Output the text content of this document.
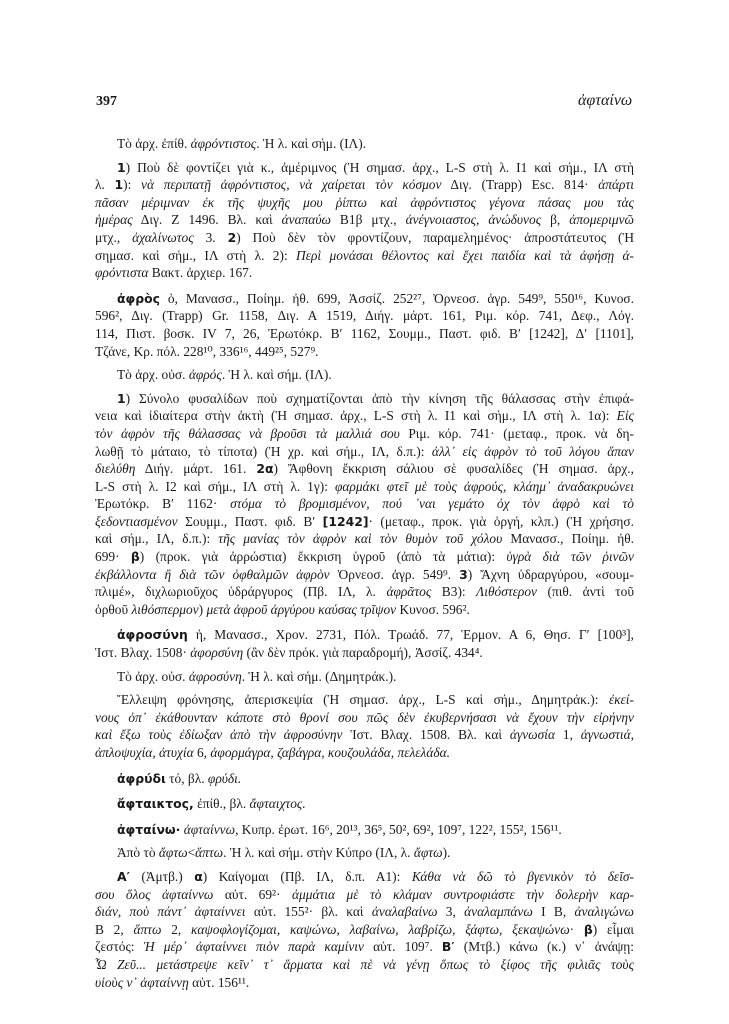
397	ἀφταίνω
Τὸ ἀρχ. ἐπίθ. ἀφρόντιστος. Ἡ λ. καὶ σήμ. (ΙΛ).
1) Ποὺ δὲ φοντίζει γιὰ κ., ἀμέριμνος (Ἡ σημασ. ἀρχ., L-S στὴ λ. Ι1 καὶ σήμ., ΙΛ στὴ
λ. 1): νὰ περιπατῇ ἀφρόντιστος, νὰ χαίρεται τὸν κόσμον Διγ. (Trapp) Esc. 814· ἀπάρτι
πᾶσαν μέριμναν ἐκ τῆς ψυχῆς μου ῥίπτω καὶ ἀφρόντιστος γέγονα πάσας μου τὰς
ἡμέρας Διγ. Ζ 1496. Βλ. καὶ ἀναπαύω Β1β μτχ., ἀνέγνοιαστος, ἀνώδυνος β, ἀπομεριμνῶ
μτχ., ἀχαλίνωτος 3. 2) Ποὺ δὲν τὸν φροντίζουν, παραμελημένος· ἀπροστάτευτος (Ἡ
σημασ. καὶ σήμ., ΙΛ στὴ λ. 2): Περὶ μονάσαι θέλοντος καὶ ἔχει παιδία καὶ τὰ ἀφήσῃ ἀ-
φρόντιστα Βακτ. ἀρχιερ. 167.
ἀφρὸς ὁ, Μανασσ., Ποίημ. ἠθ. 699, Ἀσσίζ. 252²⁷, Ὀρνεοσ. ἀγρ. 549⁹, 550¹⁶, Κυνοσ.
596², Διγ. (Trapp) Gr. 1158, Διγ. Α 1519, Διήγ. μάρτ. 161, Ριμ. κόρ. 741, Δεφ., Λόγ.
114, Πιστ. βοσκ. IV 7, 26, Ἐρωτόκρ. Β′ 1162, Σουμμ., Παστ. φιδ. Β′ [1242], Δ′ [1101],
Τζάνε, Κρ. πόλ. 228¹⁰, 336¹⁶, 449²⁵, 527⁹.
Τὸ ἀρχ. οὐσ. ἀφρός. Ἡ λ. καὶ σήμ. (ΙΛ).
1) Σύνολο φυσαλίδων ποὺ σχηματίζονται ἀπὸ τὴν κίνηση τῆς θάλασσας στὴν ἐπιφά-
νεια καὶ ἰδιαίτερα στὴν ἀκτὴ (Ἡ σημασ. ἀρχ., L-S στὴ λ. Ι1 καὶ σήμ., ΙΛ στὴ λ. 1α): Εἰς
τὸν ἀφρὸν τῆς θάλασσας νὰ βροῦσι τὰ μαλλιά σου Ριμ. κόρ. 741· (μεταφ., προκ. νὰ δη-
λωθῇ τὸ μάταιο, τὸ τίποτα) (Ἡ χρ. καὶ σήμ., ΙΛ, δ.π.): ἀλλ᾽ εἰς ἀφρὸν τὸ τοῦ λόγου ἅπαν
διελύθη Διήγ. μάρτ. 161. 2α) Ἄφθονη ἔκκριση σάλιου σὲ φυσαλίδες (Ἡ σημασ. ἀρχ.,
L-S στὴ λ. Ι2 καὶ σήμ., ΙΛ στὴ λ. 1γ): φαρμάκι φτεῖ μὲ τοὺς ἀφρούς, κλάημ᾽ ἀναδακρυώνει
Ἐρωτόκρ. Β′ 1162· στόμα τὸ βρομισμένον, πού ᾽ναι γεμάτο ὀχ τὸν ἀφρὸ καὶ τὸ
ξεδοντιασμένον Σουμμ., Παστ. φιδ. Β′ [1242]· (μεταφ., προκ. γιὰ ὀργή, κλπ.) (Ἡ χρήσησ.
καὶ σήμ., ΙΛ, δ.π.): τῆς μανίας τὸν ἀφρὸν καὶ τὸν θυμὸν τοῦ χόλου Μανασσ., Ποίημ. ἠθ.
699· β) (προκ. γιὰ ἀρρώστια) ἔκκριση ὑγροῦ (ἀπὸ τὰ μάτια): ὑγρὰ διὰ τῶν ῥινῶν
ἐκβάλλοντα ἢ διὰ τῶν ὀφθαλμῶν ἀφρὸν Ὀρνεοσ. ἀγρ. 549⁹. 3) Ἄχνη ὑδραργύρου, «σουμ-
πλιμέ», διχλωριοῦχος ὑδράργυρος (Πβ. ΙΛ, λ. ἀφρᾶτος Β3): Λιθόστερον (πιθ. ἀντὶ τοῦ
ὀρθοῦ λιθόσπερμον) μετὰ ἀφροῦ ἀργύρου καύσας τρῖψον Κυνοσ. 596².
ἀφροσύνη ἡ, Μανασσ., Χρον. 2731, Πόλ. Τρωάδ. 77, Ἑρμον. Α 6, Θησ. Γ′ [100³],
Ἱστ. Βλαχ. 1508· ἀφορσύνη (ἂν δὲν πρόκ. γιὰ παραδρομή), Ἀσσίζ. 434⁴.
Τὸ ἀρχ. οὐσ. ἀφροσύνη. Ἡ λ. καὶ σήμ. (Δημητράκ.).
Ἔλλειψη φρόνησης, ἀπερισκεψία (Ἡ σημασ. ἀρχ., L-S καὶ σήμ., Δημητράκ.): ἐκεί-
νους ὀπ᾽ ἐκάθουνταν κάποτε στὸ θρονί σου πῶς δὲν ἐκυβερνήσασι νὰ ἔχουν τὴν εἰρήνην
καὶ ἔξω τοὺς ἐδίωξαν ἀπὸ τὴν ἀφροσύνην Ἱστ. Βλαχ. 1508. Βλ. καὶ ἀγνωσία 1, ἀγνωστιά,
ἀπλοψυχία, ἀτυχία 6, ἀφορμάγρα, ζαβάγρα, κουζουλάδα, πελελάδα.
ἀφρύδι τό, βλ. φρύδι.
ἄφταικτος, ἐπίθ., βλ. ἄφταιχτος.
ἀφταίνω· ἀφταίννω, Κυπρ. ἐρωτ. 16⁶, 20¹³, 36⁵, 50², 69², 109⁷, 122², 155², 156¹¹.
Ἀπὸ τὸ ἄφτω<ἅπτω. Ἡ λ. καὶ σήμ. στὴν Κύπρο (ΙΛ, λ. ἄφτω).
Α′ (Ἀμτβ.) α) Καίγομαι (Πβ. ΙΛ, δ.π. Α1): Κάθα νὰ δῶ τὸ βγενικὸν τὸ δεῖσ-
σου ὅλος ἀφταίννω αὐτ. 69²· ἀμμάτια μὲ τὸ κλάμαν συντροφιάστε τὴν δολερὴν καρ-
διάν, ποὺ πάντ᾽ ἀφταίννει αὐτ. 155²· βλ. καὶ ἀναλαβαίνω 3, ἀναλαμπάνω Ι Β, ἀναλιγώνω
Β 2, ἅπτω 2, καψοφλογίζομαι, καψώνω, λαβαίνω, λαβρίζω, ξάφτω, ξεκαψώνω· β) εἶμαι
ζεστός: Ἡ μέρ᾽ ἀφταίννει πιὸν παρὰ καμίνιν αὐτ. 109⁷. Β′ (Μτβ.) κάνω (κ.) ν᾽ ἀνάψῃ:
Ὦ Ζεῦ... μετάστρεψε κεῖν᾽ τ᾽ ἅρματα καὶ πὲ νὰ γένῃ ὅπως τὸ ξίφος τῆς φιλιᾶς τοὺς
υἱοὺς ν᾽ ἀφταίννῃ αὐτ. 156¹¹.
